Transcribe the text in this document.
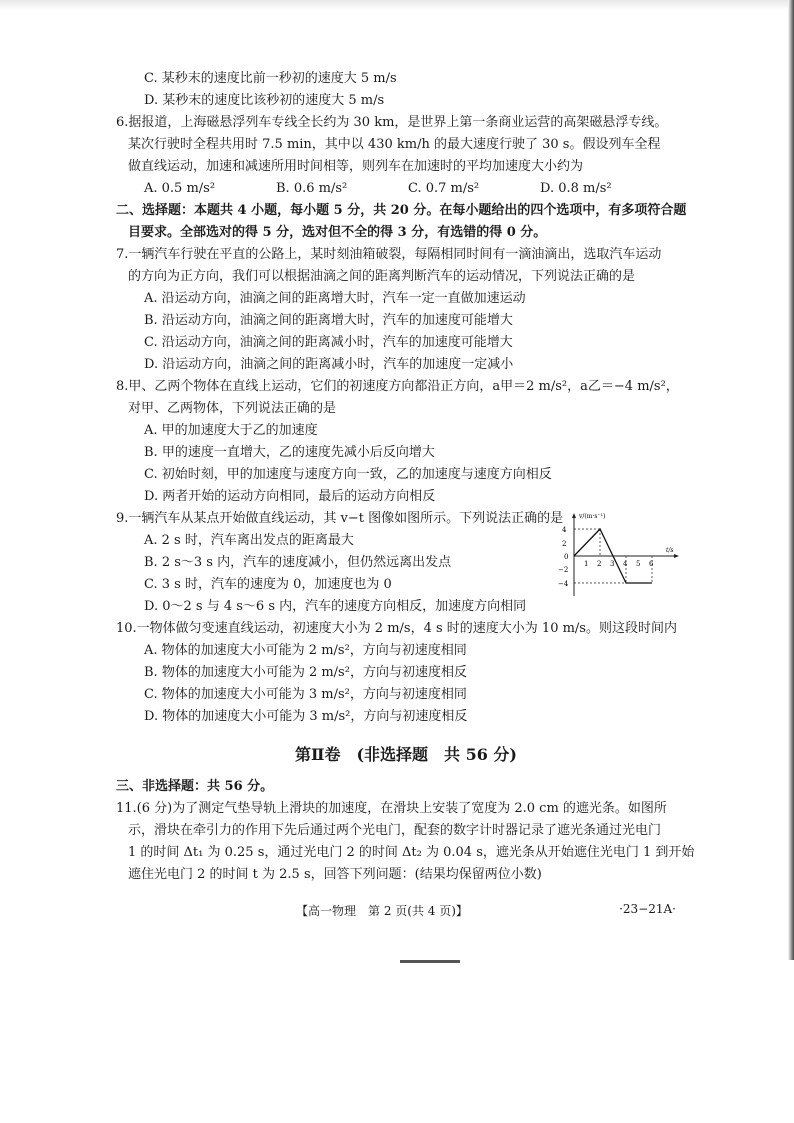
C. 某秒末的速度比前一秒初的速度大 5 m/s
D. 某秒末的速度比该秒初的速度大 5 m/s
6.据报道，上海磁悬浮列车专线全长约为 30 km，是世界上第一条商业运营的高架磁悬浮专线。
某次行驶时全程共用时 7.5 min，其中以 430 km/h 的最大速度行驶了 30 s。假设列车全程
做直线运动，加速和减速所用时间相等，则列车在加速时的平均加速度大小约为
A. 0.5 m/s²	B. 0.6 m/s²	C. 0.7 m/s²	D. 0.8 m/s²
二、选择题：本题共 4 小题，每小题 5 分，共 20 分。在每小题给出的四个选项中，有多项符合题
目要求。全部选对的得 5 分，选对但不全的得 3 分，有选错的得 0 分。
7.一辆汽车行驶在平直的公路上，某时刻油箱破裂，每隔相同时间有一滴油滴出，选取汽车运动
的方向为正方向，我们可以根据油滴之间的距离判断汽车的运动情况，下列说法正确的是
A. 沿运动方向，油滴之间的距离增大时，汽车一定一直做加速运动
B. 沿运动方向，油滴之间的距离增大时，汽车的加速度可能增大
C. 沿运动方向，油滴之间的距离减小时，汽车的加速度可能增大
D. 沿运动方向，油滴之间的距离减小时，汽车的加速度一定减小
8.甲、乙两个物体在直线上运动，它们的初速度方向都沿正方向，a甲＝2 m/s²，a乙＝−4 m/s²，
对甲、乙两物体，下列说法正确的是
A. 甲的加速度大于乙的加速度
B. 甲的速度一直增大，乙的速度先减小后反向增大
C. 初始时刻，甲的加速度与速度方向一致，乙的加速度与速度方向相反
D. 两者开始的运动方向相同，最后的运动方向相反
9.一辆汽车从某点开始做直线运动，其 v−t 图像如图所示。下列说法正确的是
A. 2 s 时，汽车离出发点的距离最大
B. 2 s～3 s 内，汽车的速度减小，但仍然远离出发点
C. 3 s 时，汽车的速度为 0，加速度也为 0
D. 0～2 s 与 4 s～6 s 内，汽车的速度方向相反，加速度方向相同
v/(m·s⁻¹)
t/s
4
2
0
−2
−4
1 2 3 4 5 6
10.一物体做匀变速直线运动，初速度大小为 2 m/s，4 s 时的速度大小为 10 m/s。则这段时间内
A. 物体的加速度大小可能为 2 m/s²，方向与初速度相同
B. 物体的加速度大小可能为 2 m/s²，方向与初速度相反
C. 物体的加速度大小可能为 3 m/s²，方向与初速度相同
D. 物体的加速度大小可能为 3 m/s²，方向与初速度相反
第Ⅱ卷　(非选择题　共 56 分)
三、非选择题：共 56 分。
11.(6 分)为了测定气垫导轨上滑块的加速度，在滑块上安装了宽度为 2.0 cm 的遮光条。如图所
示，滑块在牵引力的作用下先后通过两个光电门，配套的数字计时器记录了遮光条通过光电门
1 的时间 Δt₁ 为 0.25 s，通过光电门 2 的时间 Δt₂ 为 0.04 s，遮光条从开始遮住光电门 1 到开始
遮住光电门 2 的时间 t 为 2.5 s，回答下列问题：(结果均保留两位小数)
【高一物理　第 2 页(共 4 页)】	·23−21A·
